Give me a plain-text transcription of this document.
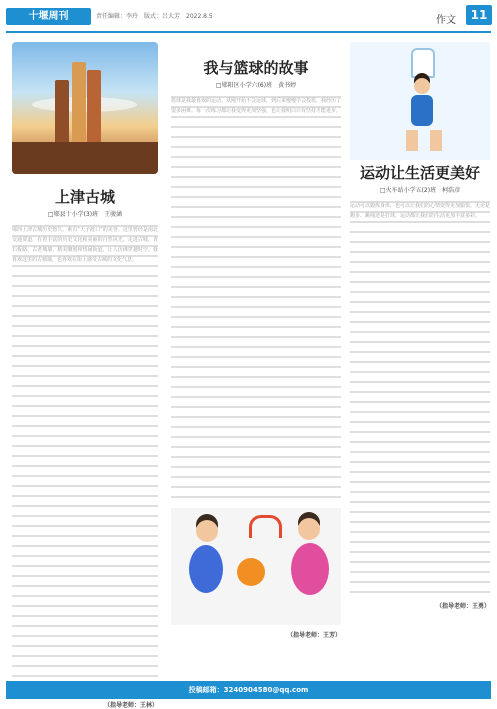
十堰周刊	责任编辑：李玲　版式：吕大芳　2022.8.5	作文	11
上津古城
□郧县十小学(3)班　王骏涵
郧西上津古城历史悠久，素有“天子渡口”的美誉。这里曾经是南北交通要道，有着丰富的历史文化和美丽的自然风光。走进古城，青石板路、古老城墙、精美雕刻和热闹街道，让人仿佛穿越时空。我喜欢这里的古城墙，也喜欢在街上感受古城的文化气息。
（指导老师：王林）
我与篮球的故事
□郧阳区小学六(6)班　黄书婷
篮球是我最喜欢的运动。从刚开始不会运球，到后来慢慢学会投篮，我经历了很多困难。每一次练习都让我变得更加坚强，也让我明白只有坚持才能进步。
（指导老师：王芳）
运动让生活更美好
□火车站小学五(2)班　柯浩彦
运动可以锻炼身体，也可以让我们的心情变得更加愉快。无论是跑步、跳绳还是打球，运动都让我们的生活更加丰富多彩。
（指导老师：王勇）
投稿邮箱：3240904580@qq.com
